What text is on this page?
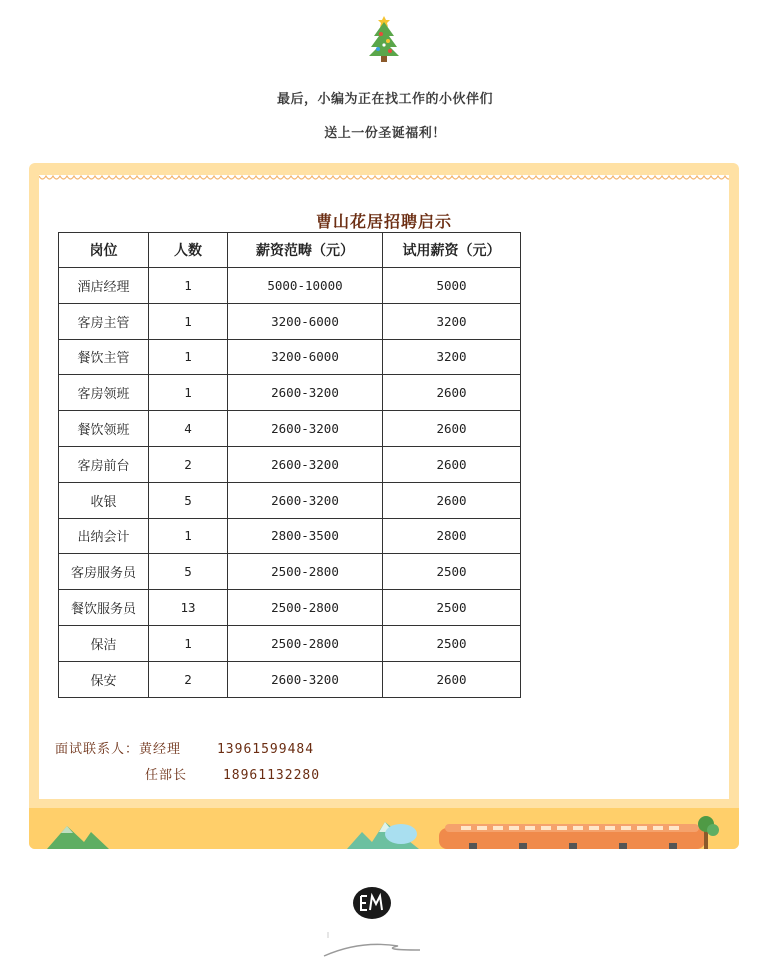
最后，小编为正在找工作的小伙伴们
送上一份圣诞福利！
曹山花居招聘启示
岗位	人数	薪资范畴（元）	试用薪资（元）
酒店经理	1	5000-10000	5000
客房主管	1	3200-6000	3200
餐饮主管	1	3200-6000	3200
客房领班	1	2600-3200	2600
餐饮领班	4	2600-3200	2600
客房前台	2	2600-3200	2600
收银	5	2600-3200	2600
出纳会计	1	2800-3500	2800
客房服务员	5	2500-2800	2500
餐饮服务员	13	2500-2800	2500
保洁	1	2500-2800	2500
保安	2	2600-3200	2600
面试联系人：黄经理	13961599484
任部长	18961132280
